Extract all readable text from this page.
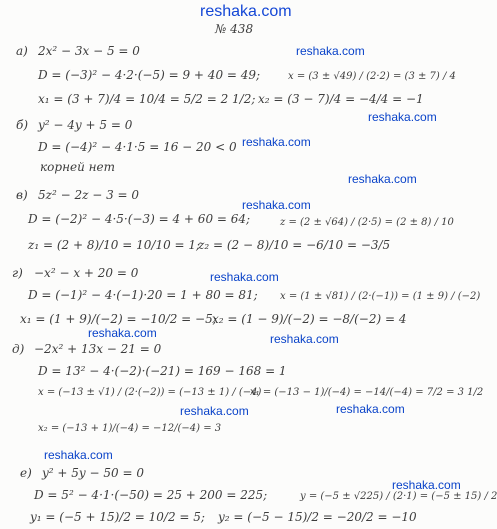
reshaka.com
№ 438
а) 2x² − 3x − 5 = 0	reshaka.com
D = (−3)² − 4·2·(−5) = 9 + 40 = 49;	x = (3 ± √49) / (2·2) = (3 ± 7) / 4
x₁ = (3 + 7)/4 = 10/4 = 5/2 = 2 1/2; x₂ = (3 − 7)/4 = −4/4 = −1
б) y² − 4y + 5 = 0
reshaka.com
D = (−4)² − 4·1·5 = 16 − 20 < 0 reshaka.com
корней нет
reshaka.com
в) 5z² − 2z − 3 = 0
reshaka.com
D = (−2)² − 4·5·(−3) = 4 + 60 = 64;	z = (2 ± √64) / (2·5) = (2 ± 8) / 10
z₁ = (2 + 8)/10 = 10/10 = 1;
z₂ = (2 − 8)/10 = −6/10 = −3/5
г) −x² − x + 20 = 0	reshaka.com
D = (−1)² − 4·(−1)·20 = 1 + 80 = 81; x = (1 ± √81) / (2·(−1)) = (1 ± 9) / (−2)
x₁ = (1 + 9)/(−2) = −10/2 = −5;
x₂ = (1 − 9)/(−2) = −8/(−2) = 4
reshaka.com
д) −2x² + 13x − 21 = 0
reshaka.com
D = 13² − 4·(−2)·(−21) = 169 − 168 = 1
x = (−13 ± √1) / (2·(−2)) = (−13 ± 1) / (−4)
x₁ = (−13 − 1)/(−4) = −14/(−4) = 7/2 = 3 1/2
reshaka.com	reshaka.com
x₂ = (−13 + 1)/(−4) = −12/(−4) = 3
reshaka.com
е) y² + 5y − 50 = 0
D = 5² − 4·1·(−50) = 25 + 200 = 225;	y = (−5 ± √225) / (2·1) = (−5 ± 15) / 2
reshaka.com
y₁ = (−5 + 15)/2 = 10/2 = 5; y₂ = (−5 − 15)/2 = −20/2 = −10
